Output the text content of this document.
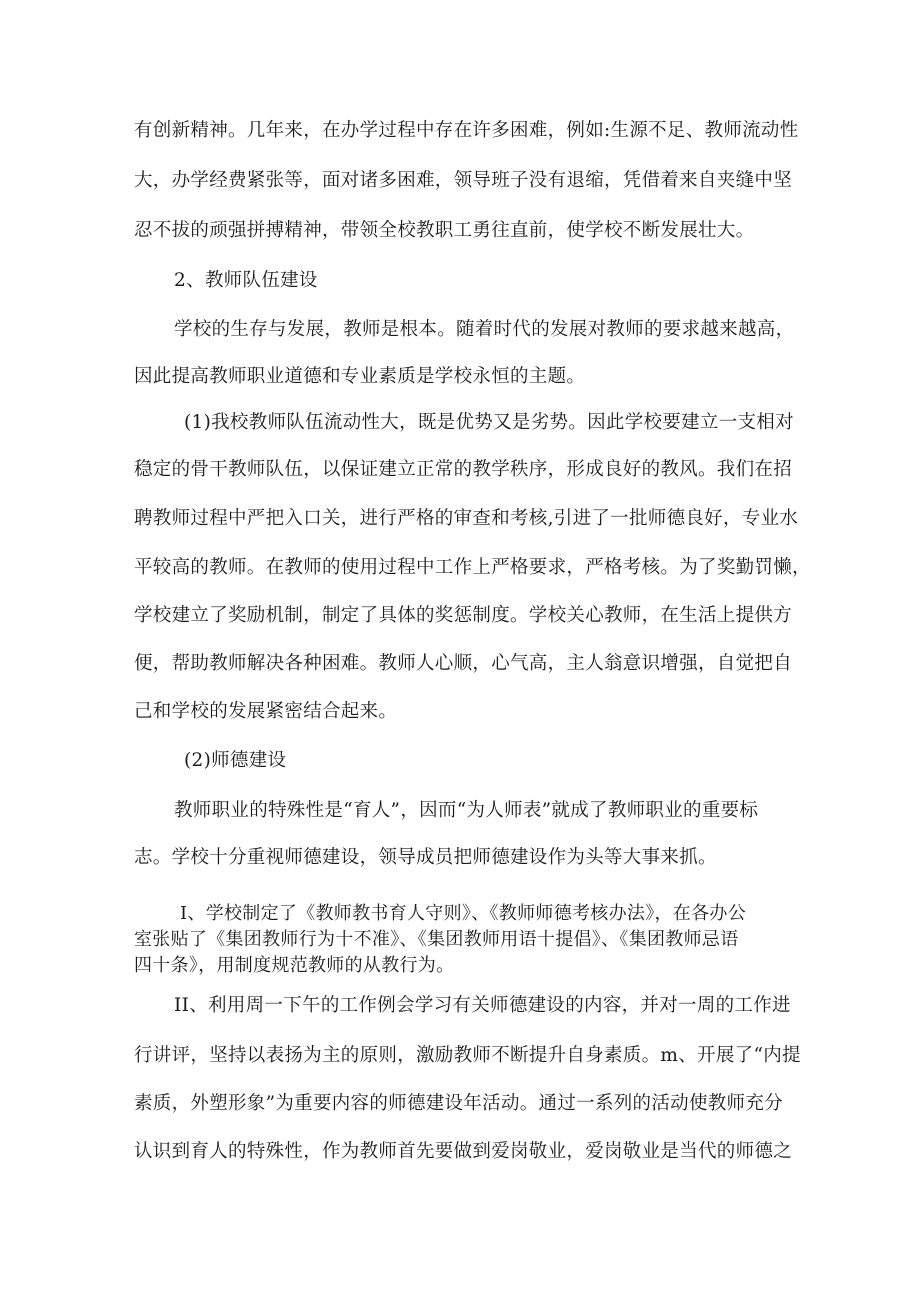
有创新精神。几年来，在办学过程中存在许多困难，例如:生源不足、教师流动性
大，办学经费紧张等，面对诸多困难，领导班子没有退缩，凭借着来自夹缝中坚
忍不拔的顽强拼搏精神，带领全校教职工勇往直前，使学校不断发展壮大。
2、教师队伍建设
学校的生存与发展，教师是根本。随着时代的发展对教师的要求越来越高，
因此提高教师职业道德和专业素质是学校永恒的主题。
(1)我校教师队伍流动性大，既是优势又是劣势。因此学校要建立一支相对
稳定的骨干教师队伍，以保证建立正常的教学秩序，形成良好的教风。我们在招
聘教师过程中严把入口关，进行严格的审查和考核,引进了一批师德良好，专业水
平较高的教师。在教师的使用过程中工作上严格要求，严格考核。为了奖勤罚懒，
学校建立了奖励机制，制定了具体的奖惩制度。学校关心教师，在生活上提供方
便，帮助教师解决各种困难。教师人心顺，心气高，主人翁意识增强，自觉把自
己和学校的发展紧密结合起来。
(2)师德建设
教师职业的特殊性是“育人”，因而“为人师表”就成了教师职业的重要标
志。学校十分重视师德建设，领导成员把师德建设作为头等大事来抓。
I、学校制定了《教师教书育人守则》、《教师师德考核办法》，在各办公
室张贴了《集团教师行为十不准》、《集团教师用语十提倡》、《集团教师忌语
四十条》，用制度规范教师的从教行为。
II、利用周一下午的工作例会学习有关师德建设的内容，并对一周的工作进
行讲评，坚持以表扬为主的原则，激励教师不断提升自身素质。m、开展了“内提
素质，外塑形象”为重要内容的师德建设年活动。通过一系列的活动使教师充分
认识到育人的特殊性，作为教师首先要做到爱岗敬业，爱岗敬业是当代的师德之
